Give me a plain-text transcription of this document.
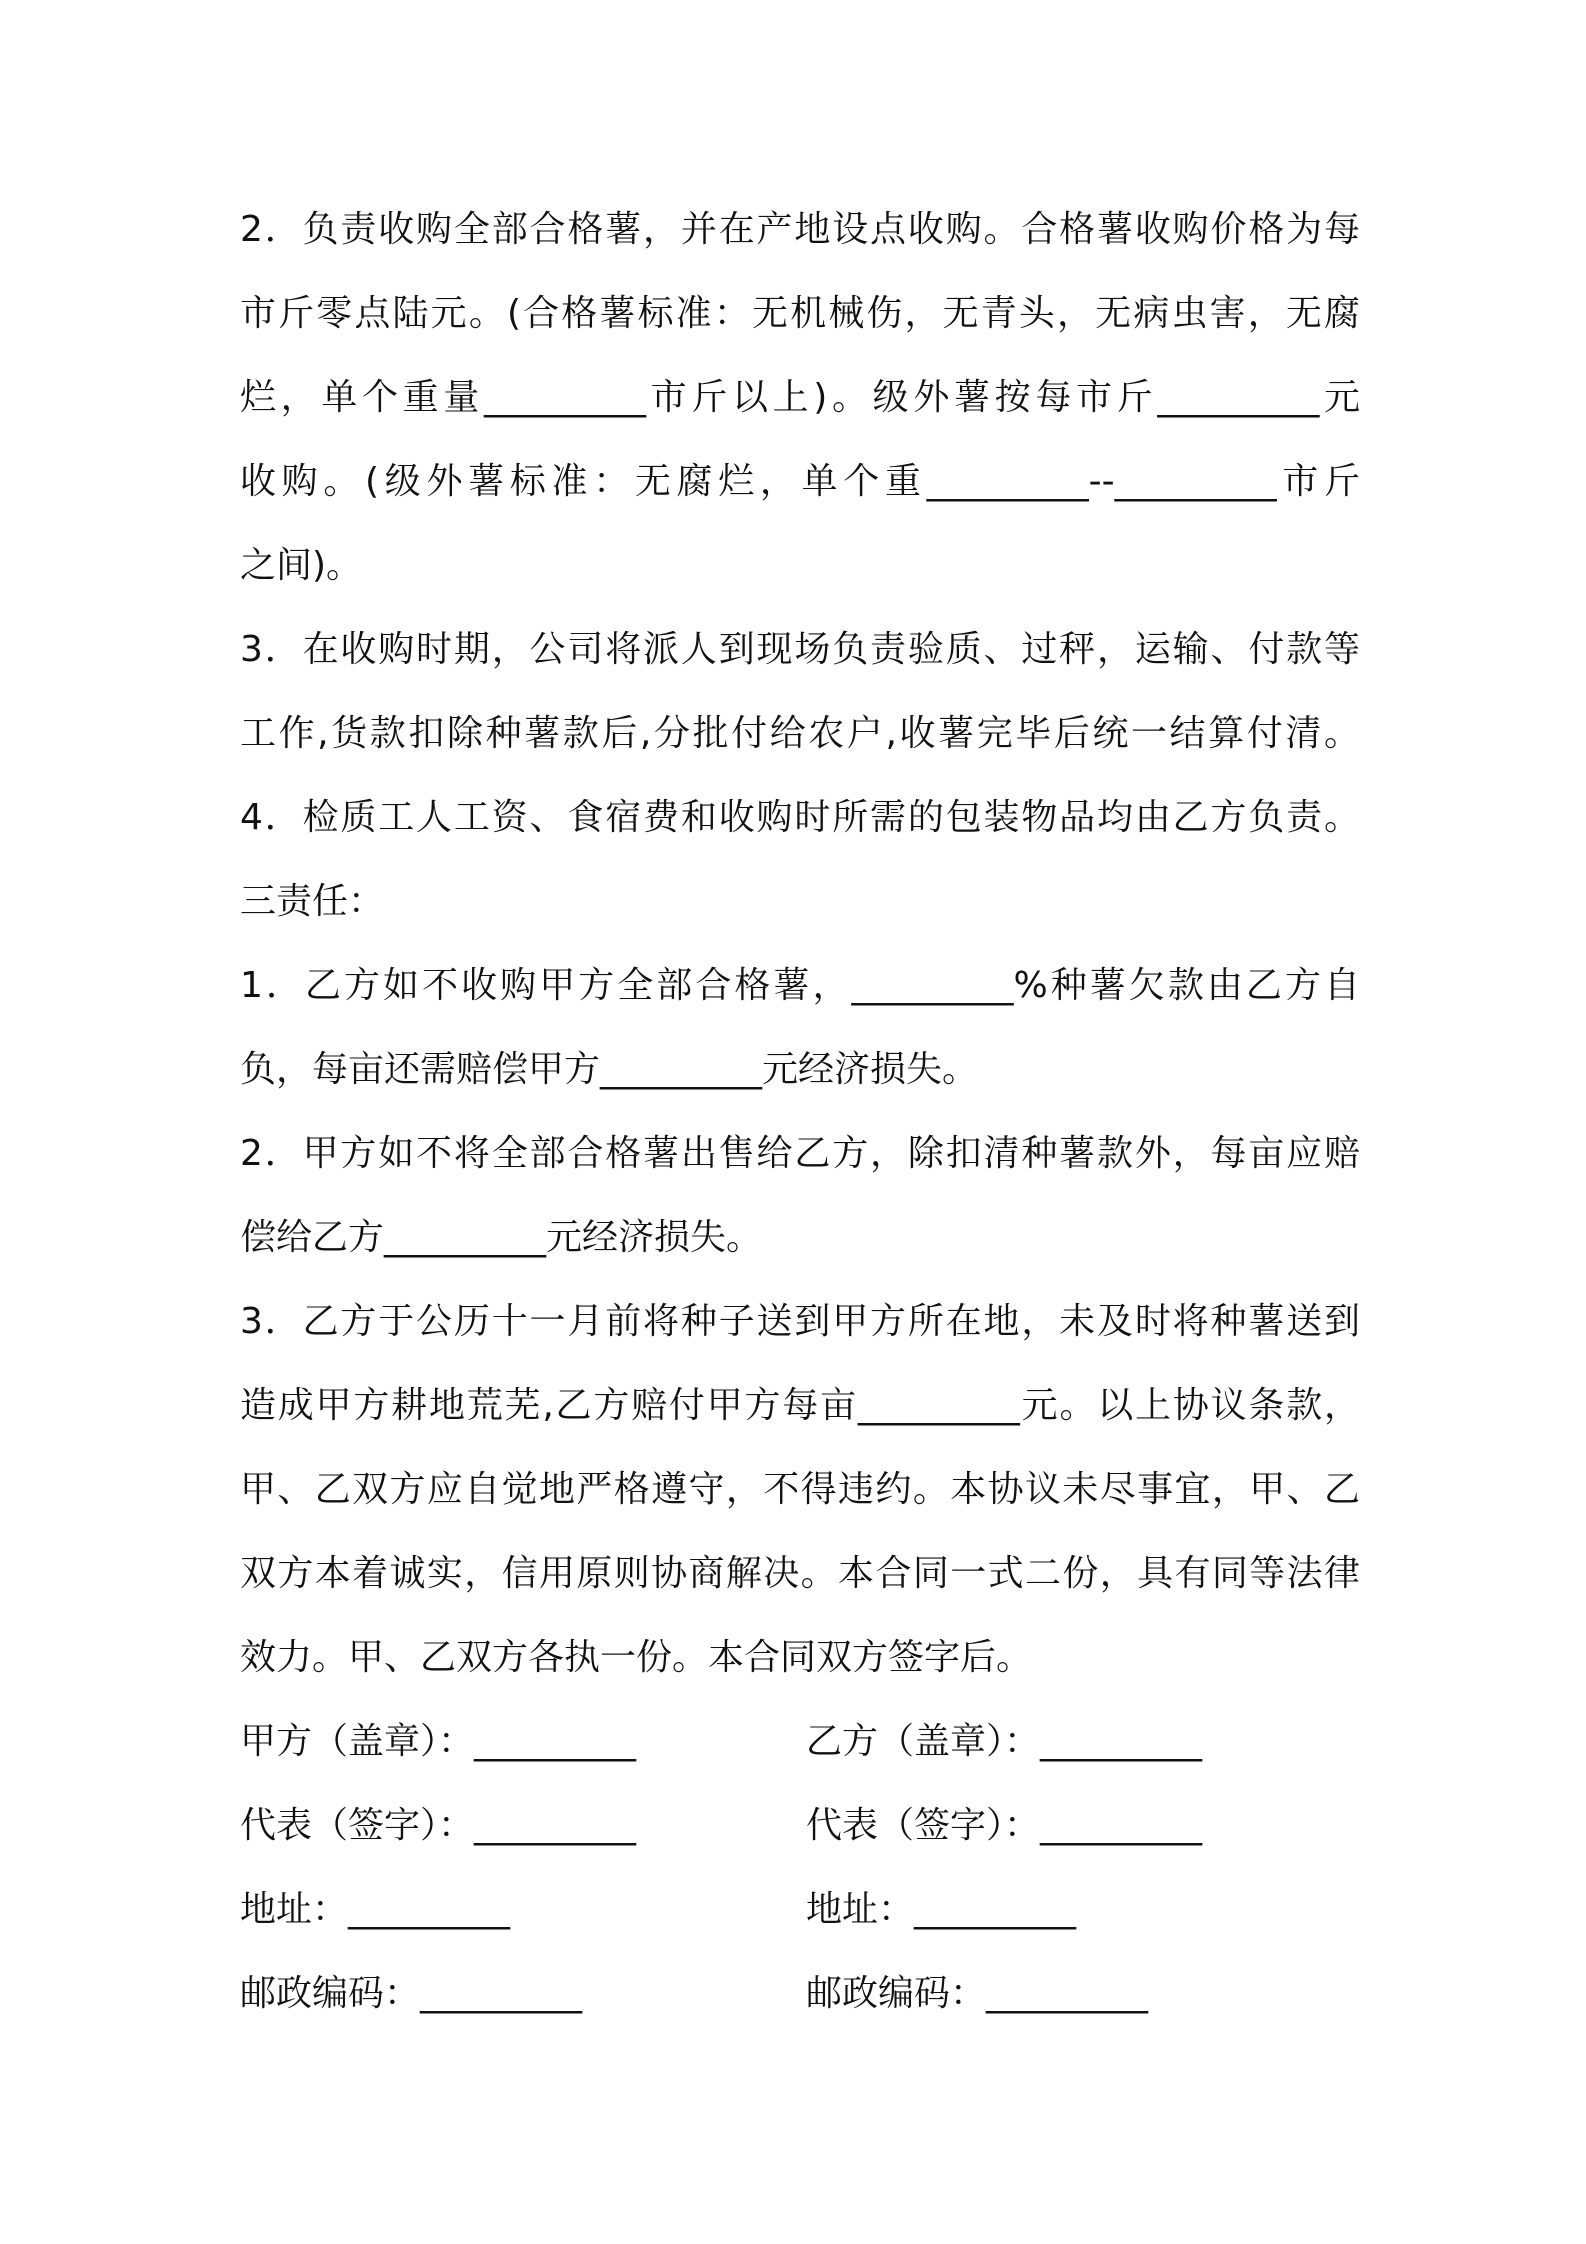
2．负责收购全部合格薯，并在产地设点收购。合格薯收购价格为每
市斤零点陆元。(合格薯标准：无机械伤，无青头，无病虫害，无腐
烂，单个重量_________市斤以上)。级外薯按每市斤_________元
收购。(级外薯标准：无腐烂，单个重_________--_________市斤
之间)。
3．在收购时期，公司将派人到现场负责验质、过秤，运输、付款等
工作,货款扣除种薯款后,分批付给农户,收薯完毕后统一结算付清。
4．检质工人工资、食宿费和收购时所需的包装物品均由乙方负责。
三责任：
1．乙方如不收购甲方全部合格薯，_________%种薯欠款由乙方自
负，每亩还需赔偿甲方_________元经济损失。
2．甲方如不将全部合格薯出售给乙方，除扣清种薯款外，每亩应赔
偿给乙方_________元经济损失。
3．乙方于公历十一月前将种子送到甲方所在地，未及时将种薯送到
造成甲方耕地荒芜,乙方赔付甲方每亩_________元。以上协议条款，
甲、乙双方应自觉地严格遵守，不得违约。本协议未尽事宜，甲、乙
双方本着诚实，信用原则协商解决。本合同一式二份，具有同等法律
效力。甲、乙双方各执一份。本合同双方签字后。
甲方（盖章）：_________	乙方（盖章）：_________
代表（签字）：_________	代表（签字）：_________
地址：_________	地址：_________
邮政编码：_________	邮政编码：_________
